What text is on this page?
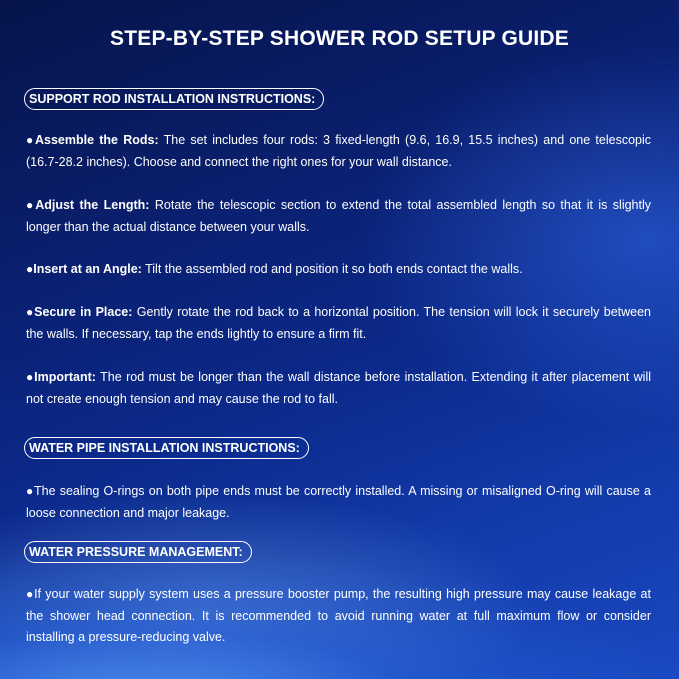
STEP-BY-STEP SHOWER ROD SETUP GUIDE
SUPPORT ROD INSTALLATION INSTRUCTIONS:

●Assemble the Rods: The set includes four rods: 3 fixed-length (9.6, 16.9, 15.5 inches) and one telescopic (16.7-28.2 inches). Choose and connect the right ones for your wall distance.

●Adjust the Length: Rotate the telescopic section to extend the total assembled length so that it is slightly longer than the actual distance between your walls.

●Insert at an Angle: Tilt the assembled rod and position it so both ends contact the walls.

●Secure in Place: Gently rotate the rod back to a horizontal position. The tension will lock it securely between the walls. If necessary, tap the ends lightly to ensure a firm fit.

●Important: The rod must be longer than the wall distance before installation. Extending it after placement will not create enough tension and may cause the rod to fall.

WATER PIPE INSTALLATION INSTRUCTIONS:

●The sealing O-rings on both pipe ends must be correctly installed. A missing or misaligned O-ring will cause a loose connection and major leakage.

WATER PRESSURE MANAGEMENT:

●If your water supply system uses a pressure booster pump, the resulting high pressure may cause leakage at the shower head connection. It is recommended to avoid running water at full maximum flow or consider installing a pressure-reducing valve.
